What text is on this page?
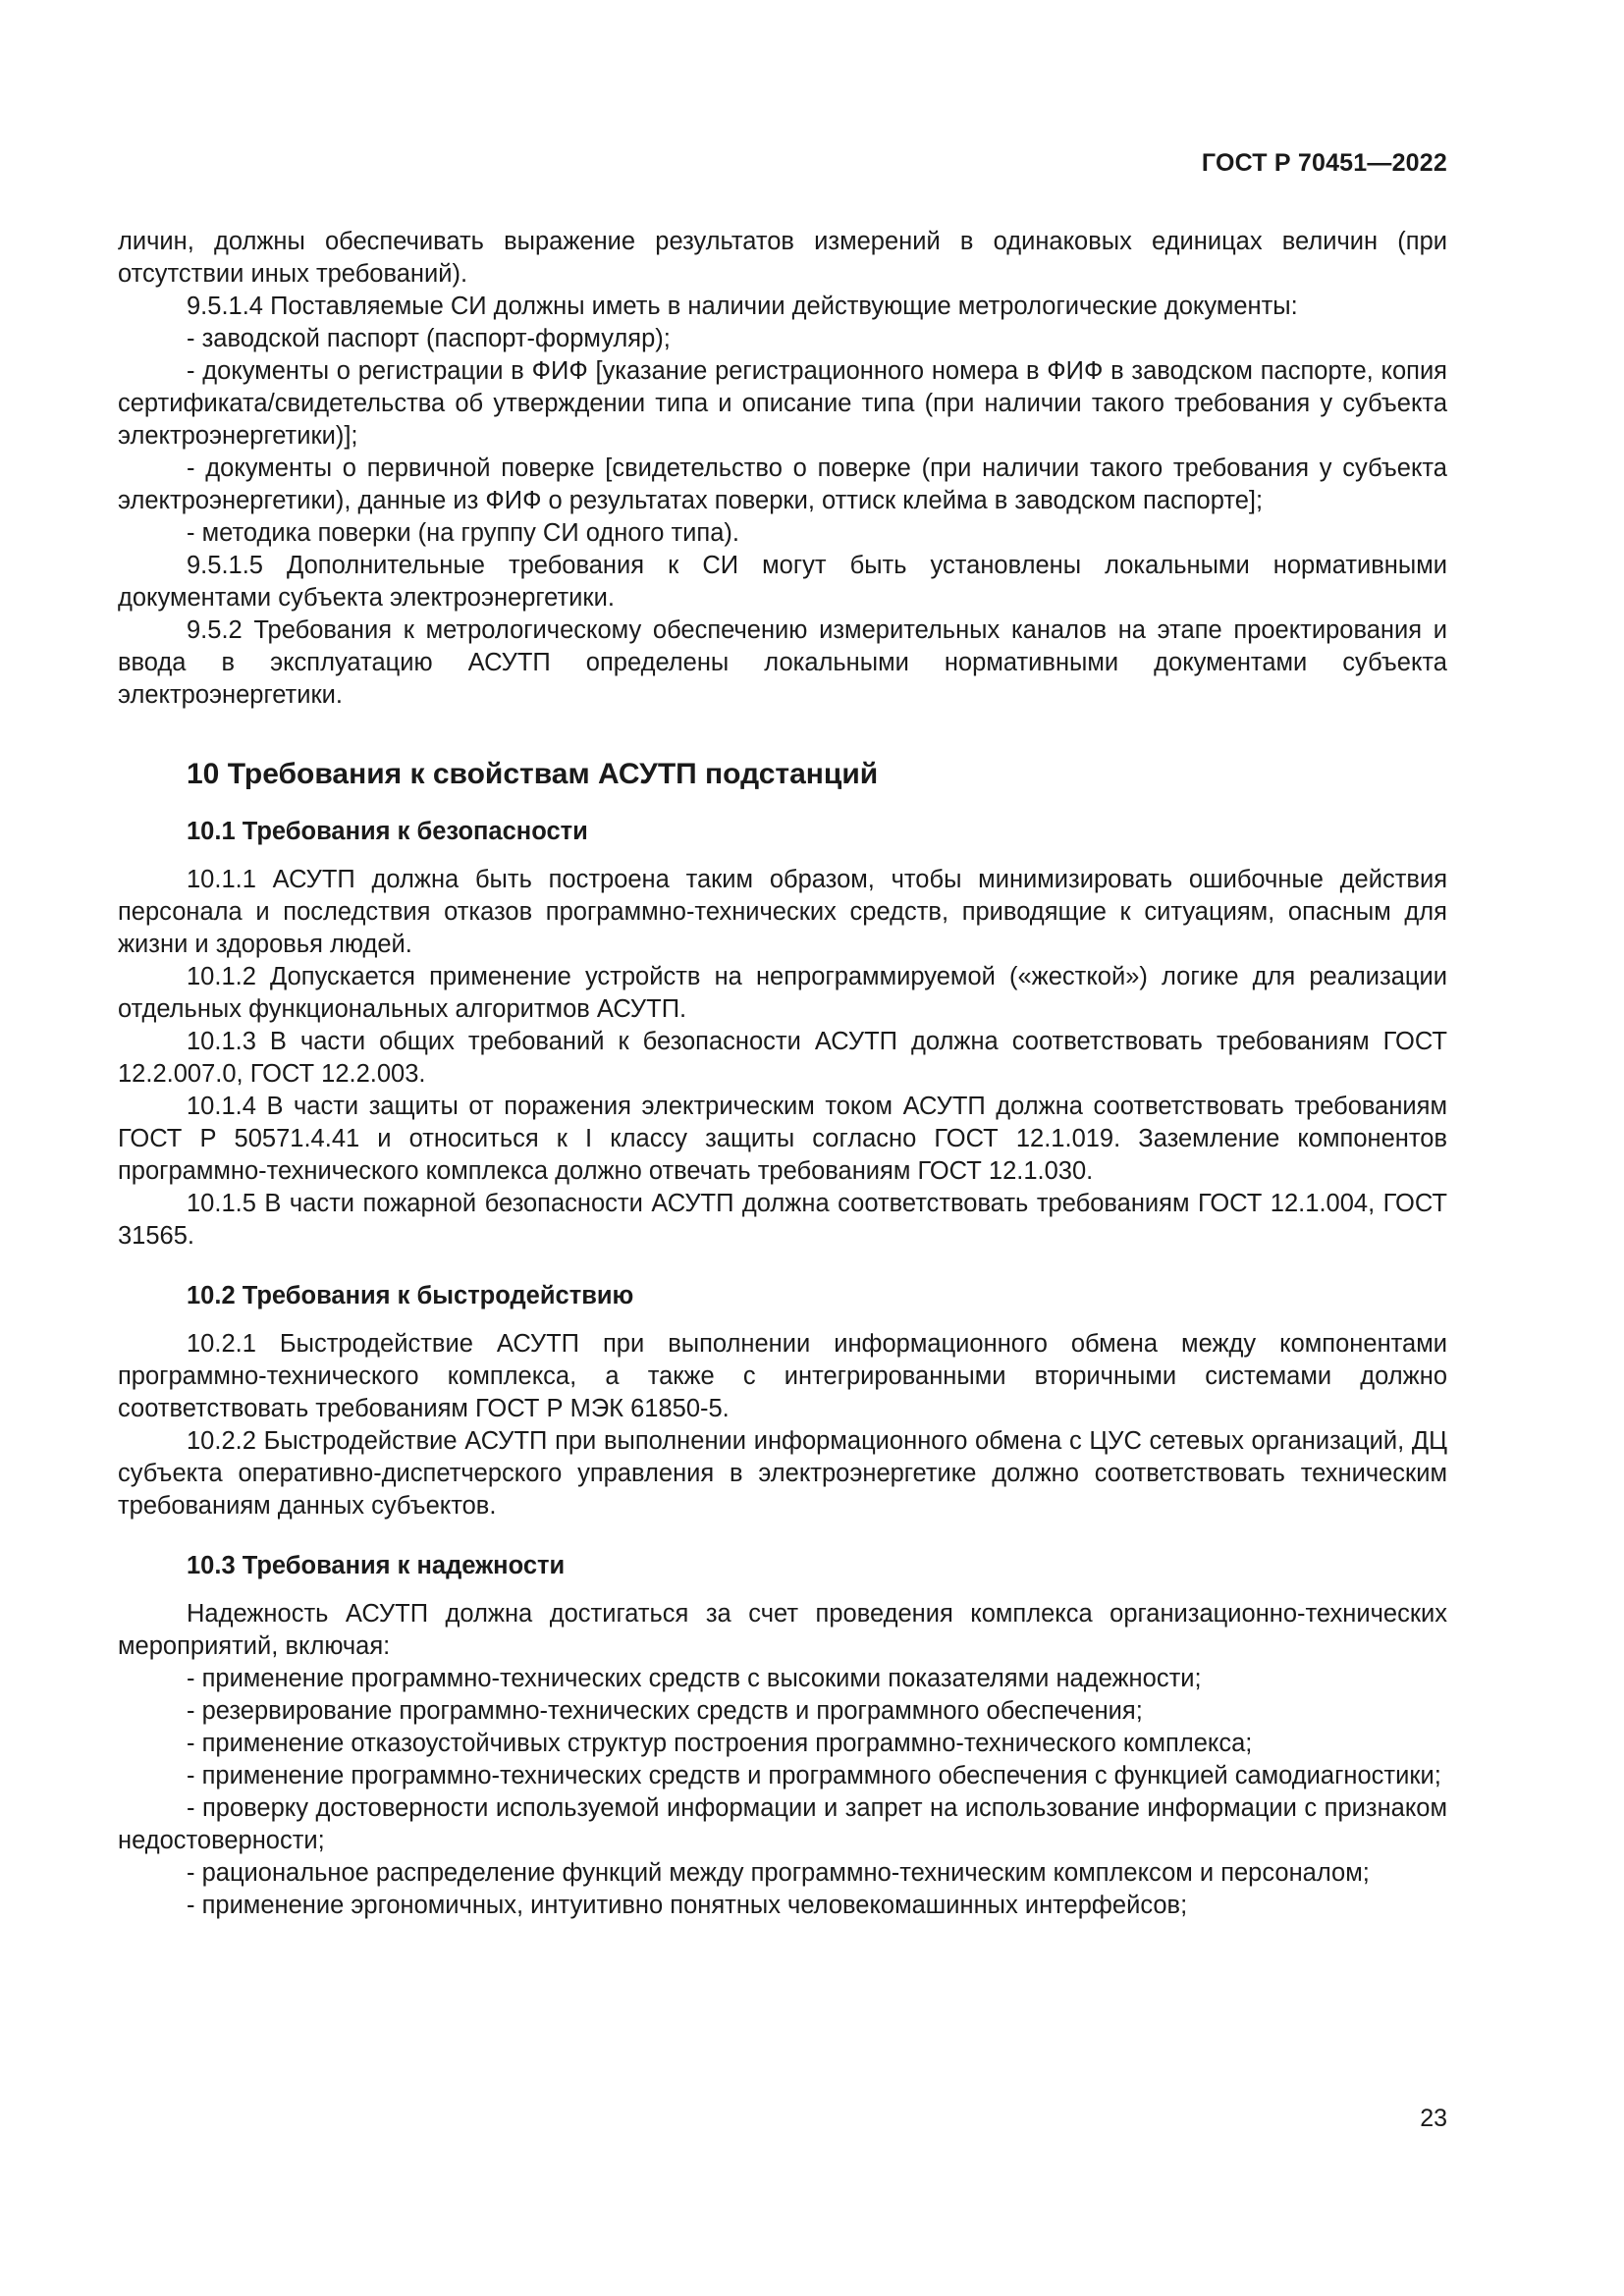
ГОСТ Р 70451—2022

личин, должны обеспечивать выражение результатов измерений в одинаковых единицах величин (при отсутствии иных требований).

9.5.1.4 Поставляемые СИ должны иметь в наличии действующие метрологические документы:

- заводской паспорт (паспорт-формуляр);

- документы о регистрации в ФИФ [указание регистрационного номера в ФИФ в заводском паспорте, копия сертификата/свидетельства об утверждении типа и описание типа (при наличии такого требования у субъекта электроэнергетики)];

- документы о первичной поверке [свидетельство о поверке (при наличии такого требования у субъекта электроэнергетики), данные из ФИФ о результатах поверки, оттиск клейма в заводском паспорте];

- методика поверки (на группу СИ одного типа).

9.5.1.5 Дополнительные требования к СИ могут быть установлены локальными нормативными документами субъекта электроэнергетики.

9.5.2 Требования к метрологическому обеспечению измерительных каналов на этапе проектирования и ввода в эксплуатацию АСУТП определены локальными нормативными документами субъекта электроэнергетики.

10 Требования к свойствам АСУТП подстанций

10.1 Требования к безопасности

10.1.1 АСУТП должна быть построена таким образом, чтобы минимизировать ошибочные действия персонала и последствия отказов программно-технических средств, приводящие к ситуациям, опасным для жизни и здоровья людей.

10.1.2 Допускается применение устройств на непрограммируемой («жесткой») логике для реализации отдельных функциональных алгоритмов АСУТП.

10.1.3 В части общих требований к безопасности АСУТП должна соответствовать требованиям ГОСТ 12.2.007.0, ГОСТ 12.2.003.

10.1.4 В части защиты от поражения электрическим током АСУТП должна соответствовать требованиям ГОСТ Р 50571.4.41 и относиться к I классу защиты согласно ГОСТ 12.1.019. Заземление компонентов программно-технического комплекса должно отвечать требованиям ГОСТ 12.1.030.

10.1.5 В части пожарной безопасности АСУТП должна соответствовать требованиям ГОСТ 12.1.004, ГОСТ 31565.

10.2 Требования к быстродействию

10.2.1 Быстродействие АСУТП при выполнении информационного обмена между компонентами программно-технического комплекса, а также с интегрированными вторичными системами должно соответствовать требованиям ГОСТ Р МЭК 61850-5.

10.2.2 Быстродействие АСУТП при выполнении информационного обмена с ЦУС сетевых организаций, ДЦ субъекта оперативно-диспетчерского управления в электроэнергетике должно соответствовать техническим требованиям данных субъектов.

10.3 Требования к надежности

Надежность АСУТП должна достигаться за счет проведения комплекса организационно-технических мероприятий, включая:

- применение программно-технических средств с высокими показателями надежности;

- резервирование программно-технических средств и программного обеспечения;

- применение отказоустойчивых структур построения программно-технического комплекса;

- применение программно-технических средств и программного обеспечения с функцией самодиагностики;

- проверку достоверности используемой информации и запрет на использование информации с признаком недостоверности;

- рациональное распределение функций между программно-техническим комплексом и персоналом;

- применение эргономичных, интуитивно понятных человекомашинных интерфейсов;

23
